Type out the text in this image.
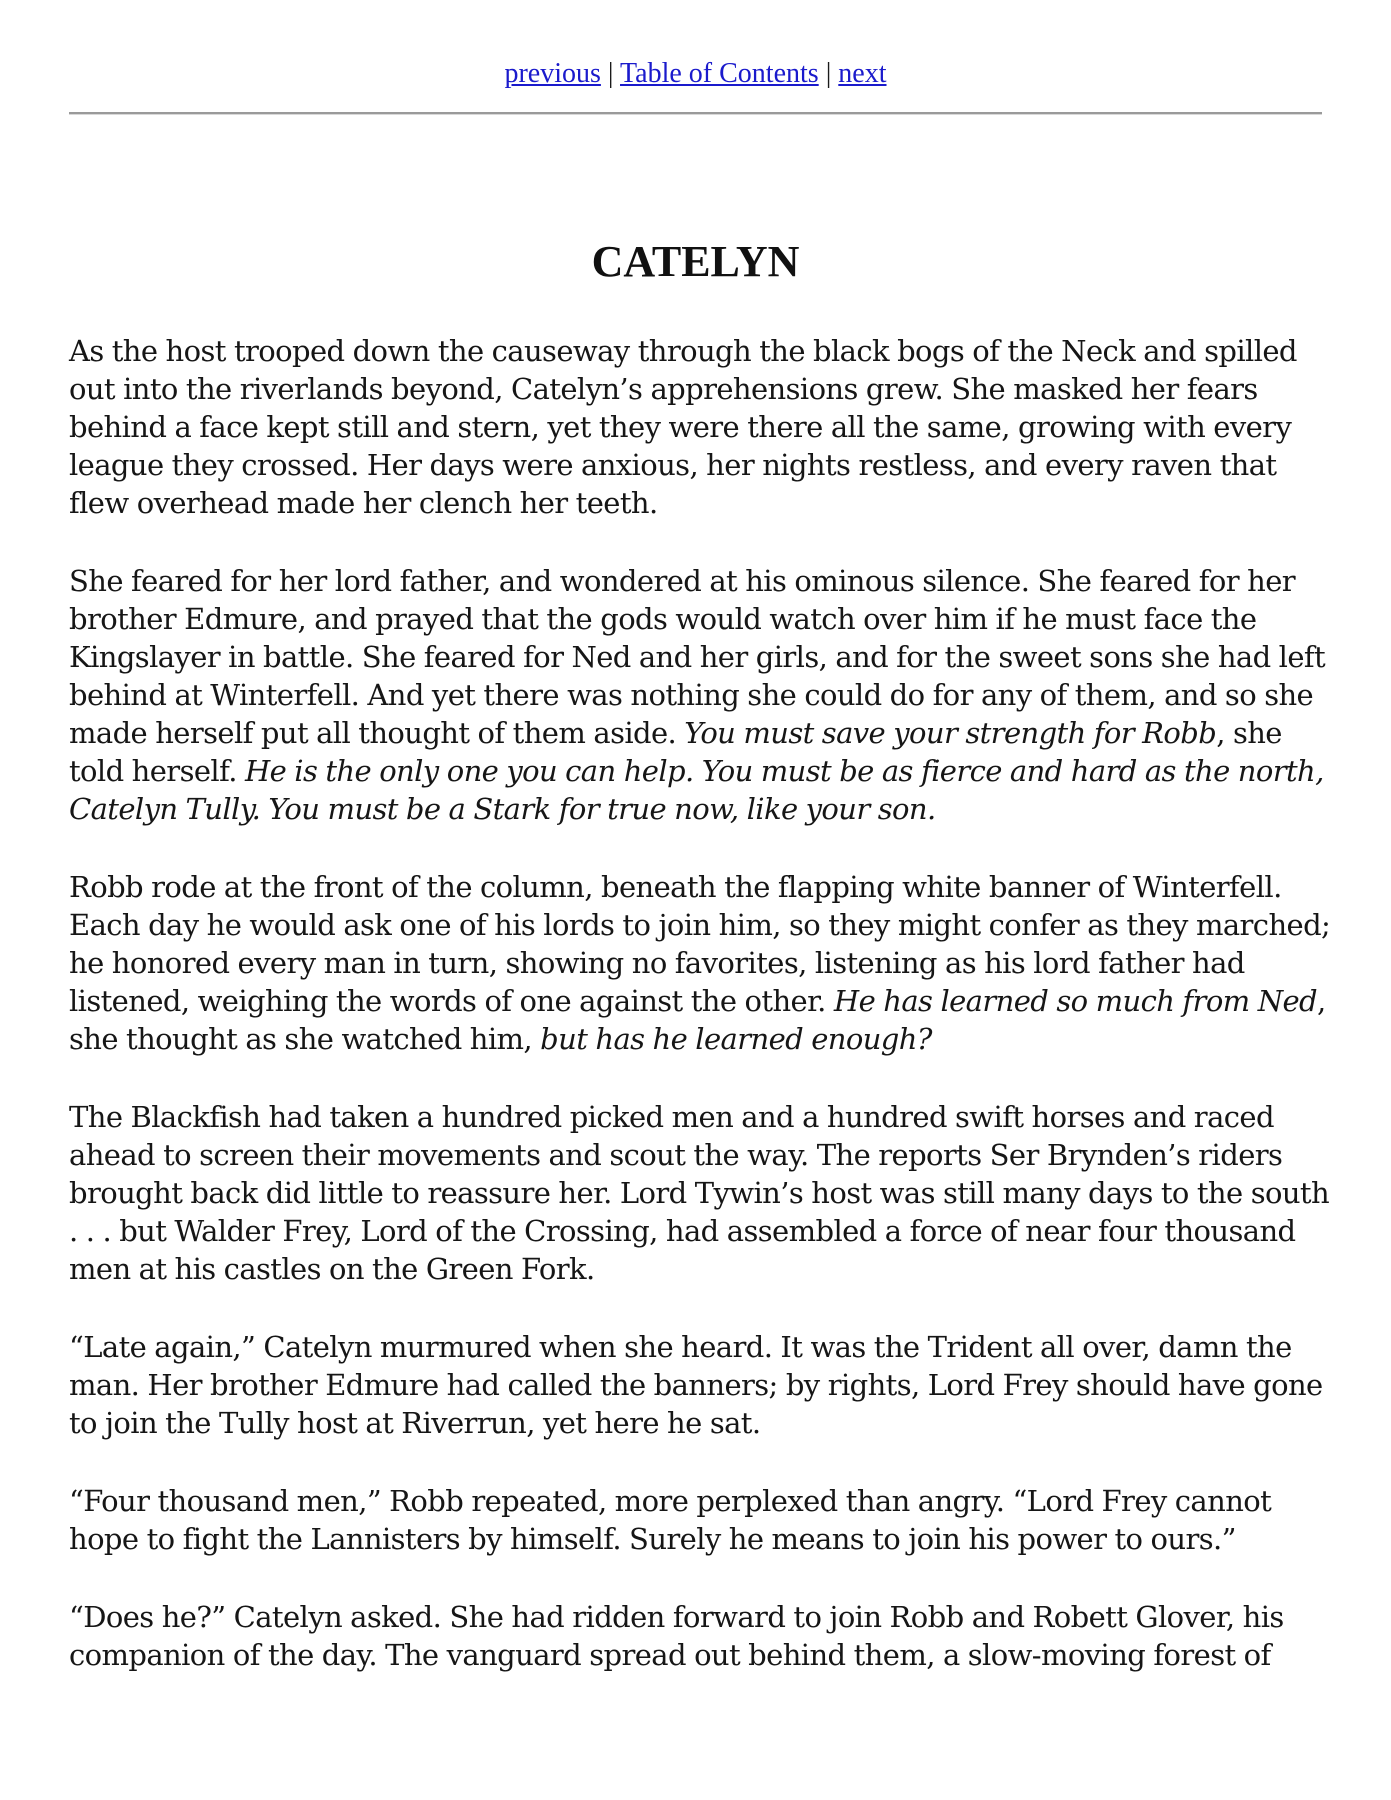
previous | Table of Contents | next
CATELYN

As the host trooped down the causeway through the black bogs of the Neck and spilled out into the riverlands beyond, Catelyn’s apprehensions grew. She masked her fears behind a face kept still and stern, yet they were there all the same, growing with every league they crossed. Her days were anxious, her nights restless, and every raven that flew overhead made her clench her teeth.

She feared for her lord father, and wondered at his ominous silence. She feared for her brother Edmure, and prayed that the gods would watch over him if he must face the Kingslayer in battle. She feared for Ned and her girls, and for the sweet sons she had left behind at Winterfell. And yet there was nothing she could do for any of them, and so she made herself put all thought of them aside. You must save your strength for Robb, she told herself. He is the only one you can help. You must be as fierce and hard as the north, Catelyn Tully. You must be a Stark for true now, like your son.

Robb rode at the front of the column, beneath the flapping white banner of Winterfell. Each day he would ask one of his lords to join him, so they might confer as they marched; he honored every man in turn, showing no favorites, listening as his lord father had listened, weighing the words of one against the other. He has learned so much from Ned, she thought as she watched him, but has he learned enough?

The Blackfish had taken a hundred picked men and a hundred swift horses and raced ahead to screen their movements and scout the way. The reports Ser Brynden’s riders brought back did little to reassure her. Lord Tywin’s host was still many days to the south . . . but Walder Frey, Lord of the Crossing, had assembled a force of near four thousand men at his castles on the Green Fork.

“Late again,” Catelyn murmured when she heard. It was the Trident all over, damn the man. Her brother Edmure had called the banners; by rights, Lord Frey should have gone to join the Tully host at Riverrun, yet here he sat.

“Four thousand men,” Robb repeated, more perplexed than angry. “Lord Frey cannot hope to fight the Lannisters by himself. Surely he means to join his power to ours.”

“Does he?” Catelyn asked. She had ridden forward to join Robb and Robett Glover, his companion of the day. The vanguard spread out behind them, a slow-moving forest of
